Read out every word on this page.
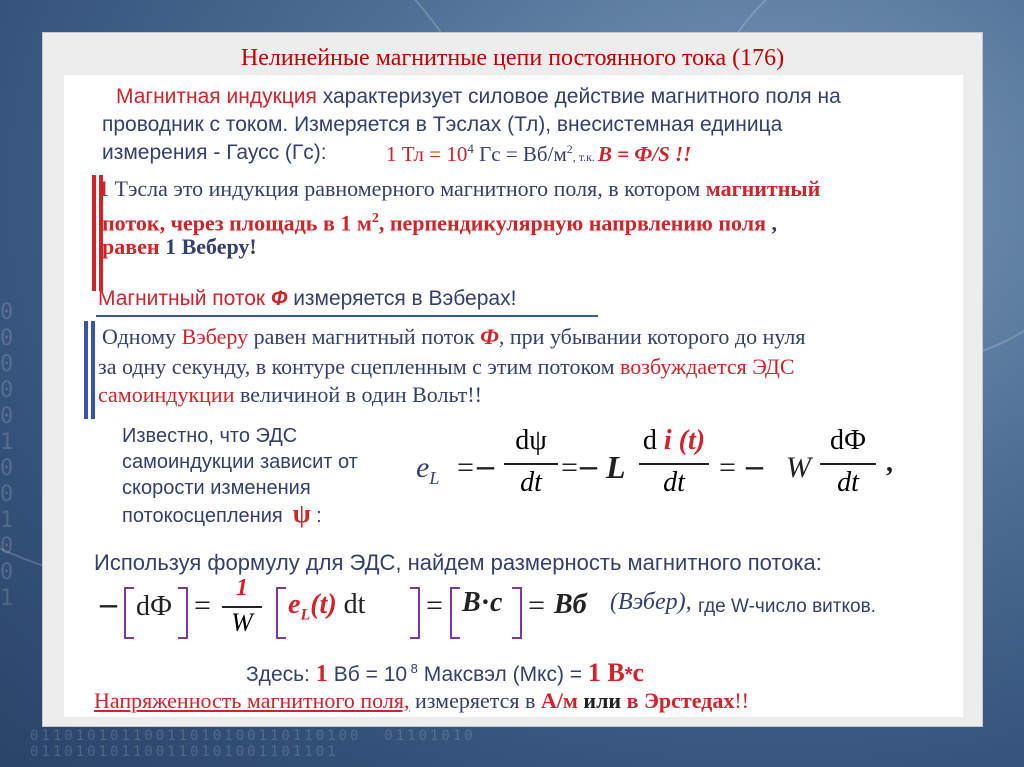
0
0
0
0
0
1
0
0
1
0
0
1
01101010110011010100110110100  01101010
011010101100110101001101101
Нелинейные магнитные цепи постоянного тока (176)
Магнитная индукция характеризует силовое действие магнитного поля на
проводник с током. Измеряется в Тэслах (Тл), внесистемная единица
измерения - Гаусс (Гс):	1 Тл = $10^4$ Гс = $Вб/м^2$, т.к. B = Ф/S !!
1 Тэсла это индукция равномерного магнитного поля, в котором магнитный
поток, через площадь в 1 $м^2$, перпендикулярную напрвлению поля ,
равен 1 Веберу!
Магнитный поток Ф измеряется в Вэберах!
Одному Вэберу равен магнитный поток Ф, при убывании которого до нуля
за одну секунду, в контуре сцепленным с этим потоком возбуждается ЭДС
самоиндукции величиной в один Вольт!!
Известно, что ЭДС
самоиндукции зависит от
скорости изменения
потокосцепления ψ :
$e_L$ = –
dψ
dt = – L
d i (t)
dt	= – W
dФ
dt
,
Используя формулу для ЭДС, найдем размерность магнитного потока:
– dФ =
1
W
$e_L(t)$ dt = B·c = Вб (Вэбер), где W-число витков.
Здесь: 1 Вб = 10 $^8$ Максвэл (Мкс) = 1 В*с
Напряженность магнитного поля, измеряется в А/м или в Эрстедах!!
